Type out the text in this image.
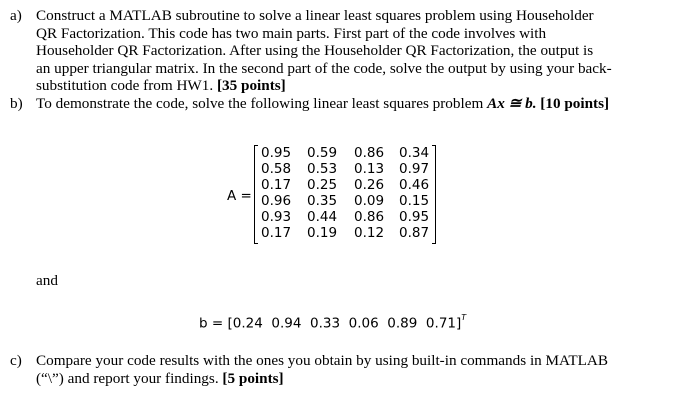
a) Construct a MATLAB subroutine to solve a linear least squares problem using Householder
QR Factorization. This code has two main parts. First part of the code involves with
Householder QR Factorization. After using the Householder QR Factorization, the output is
an upper triangular matrix. In the second part of the code, solve the output by using your back-
substitution code from HW1. [35 points]
b) To demonstrate the code, solve the following linear least squares problem Ax ≅ b. [10 points]
A =
0.95 0.59 0.86 0.34
0.58 0.53 0.13 0.97
0.17 0.25 0.26 0.46
0.96 0.35 0.09 0.15
0.93 0.44 0.86 0.95
0.17 0.19 0.12 0.87
and
b = [0.24  0.94  0.33  0.06  0.89  0.71]$^T$
c) Compare your code results with the ones you obtain by using built-in commands in MATLAB
(“\”) and report your findings. [5 points]
